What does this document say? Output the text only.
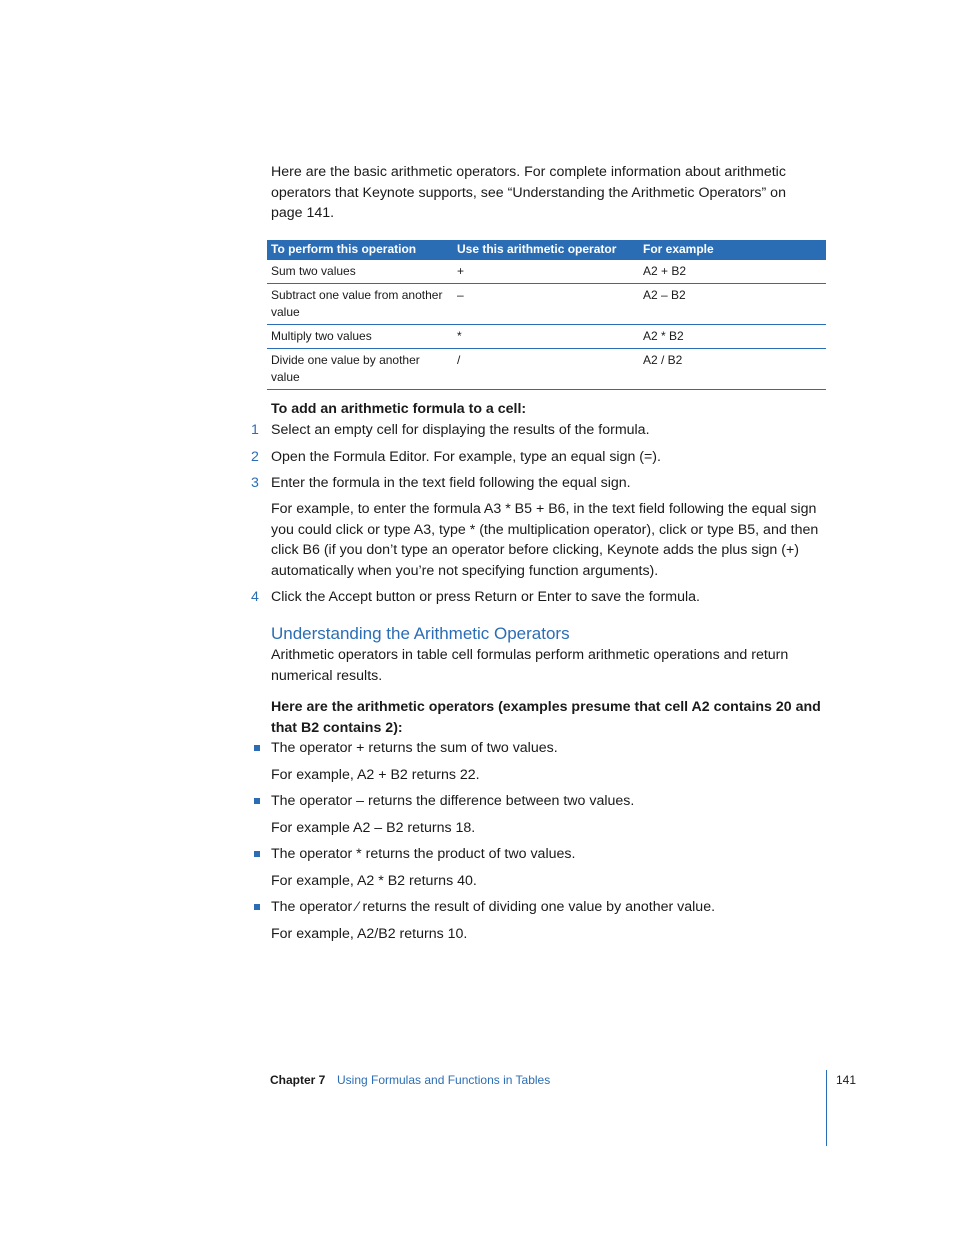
Here are the basic arithmetic operators. For complete information about arithmetic operators that Keynote supports, see “Understanding the Arithmetic Operators” on page 141.

To perform this operation	Use this arithmetic operator	For example
Sum two values	+	A2 + B2
Subtract one value from another value	–	A2 – B2
Multiply two values	*	A2 * B2
Divide one value by another value	/	A2 / B2

To add an arithmetic formula to a cell:

1 Select an empty cell for displaying the results of the formula.

2 Open the Formula Editor. For example, type an equal sign (=).

3 Enter the formula in the text field following the equal sign.

For example, to enter the formula A3 * B5 + B6, in the text field following the equal sign you could click or type A3, type * (the multiplication operator), click or type B5, and then click B6 (if you don’t type an operator before clicking, Keynote adds the plus sign (+) automatically when you’re not specifying function arguments).

4 Click the Accept button or press Return or Enter to save the formula.

Understanding the Arithmetic Operators

Arithmetic operators in table cell formulas perform arithmetic operations and return numerical results.

Here are the arithmetic operators (examples presume that cell A2 contains 20 and that B2 contains 2):

The operator + returns the sum of two values.

For example, A2 + B2 returns 22.

The operator – returns the difference between two values.

For example A2 – B2 returns 18.

The operator * returns the product of two values.

For example, A2 * B2 returns 40.

The operator ⁄ returns the result of dividing one value by another value.

For example, A2/B2 returns 10.

Chapter 7 Using Formulas and Functions in Tables	141
